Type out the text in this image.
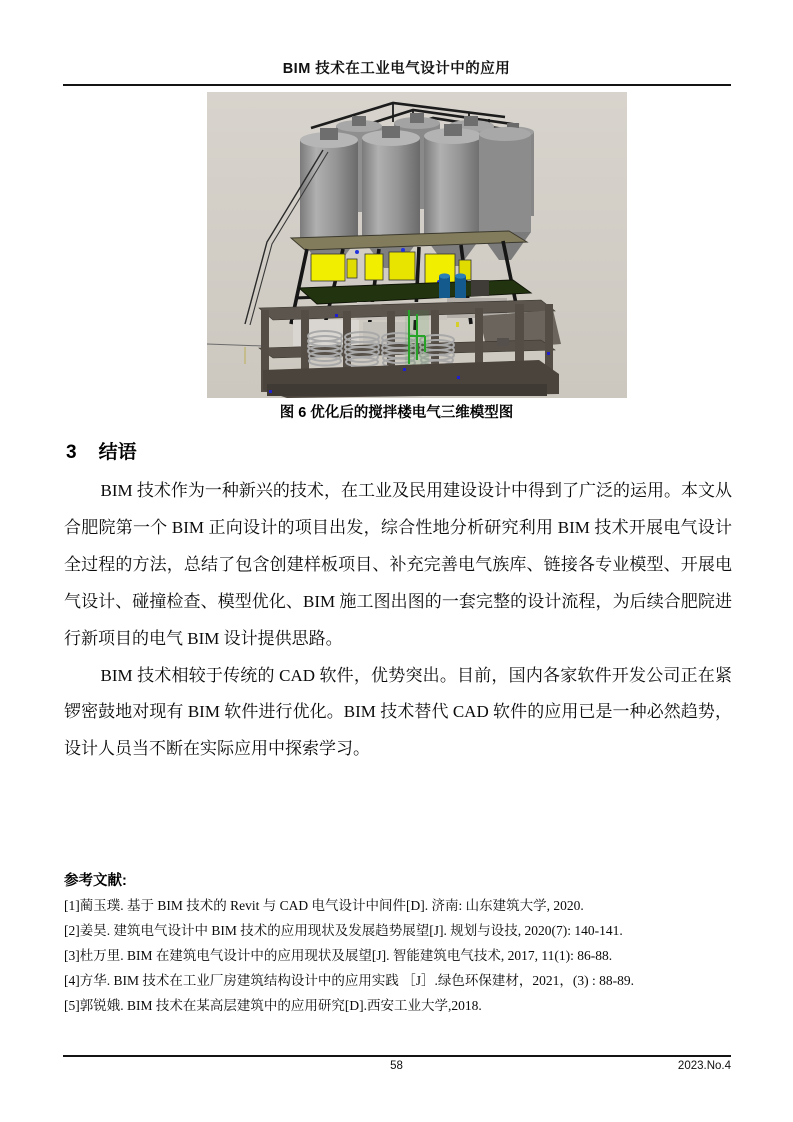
BIM 技术在工业电气设计中的应用
图 6 优化后的搅拌楼电气三维模型图
3 结语

BIM 技术作为一种新兴的技术，在工业及民用建设设计中得到了广泛的运用。本文从合肥院第一个 BIM 正向设计的项目出发，综合性地分析研究利用 BIM 技术开展电气设计全过程的方法，总结了包含创建样板项目、补充完善电气族库、链接各专业模型、开展电气设计、碰撞检查、模型优化、BIM 施工图出图的一套完整的设计流程，为后续合肥院进行新项目的电气 BIM 设计提供思路。

BIM 技术相较于传统的 CAD 软件，优势突出。目前，国内各家软件开发公司正在紧锣密鼓地对现有 BIM 软件进行优化。BIM 技术替代 CAD 软件的应用已是一种必然趋势，设计人员当不断在实际应用中探索学习。

参考文献:
[1]蔺玉璞. 基于 BIM 技术的 Revit 与 CAD 电气设计中间件[D]. 济南: 山东建筑大学, 2020.
[2]姜昊. 建筑电气设计中 BIM 技术的应用现状及发展趋势展望[J]. 规划与设技, 2020(7): 140-141.
[3]杜万里. BIM 在建筑电气设计中的应用现状及展望[J]. 智能建筑电气技术, 2017, 11(1): 86-88.
[4]方华. BIM 技术在工业厂房建筑结构设计中的应用实践 ［J］.绿色环保建材，2021，(3) : 88-89.
[5]郭锐娥. BIM 技术在某高层建筑中的应用研究[D].西安工业大学,2018.
58	2023.No.4
